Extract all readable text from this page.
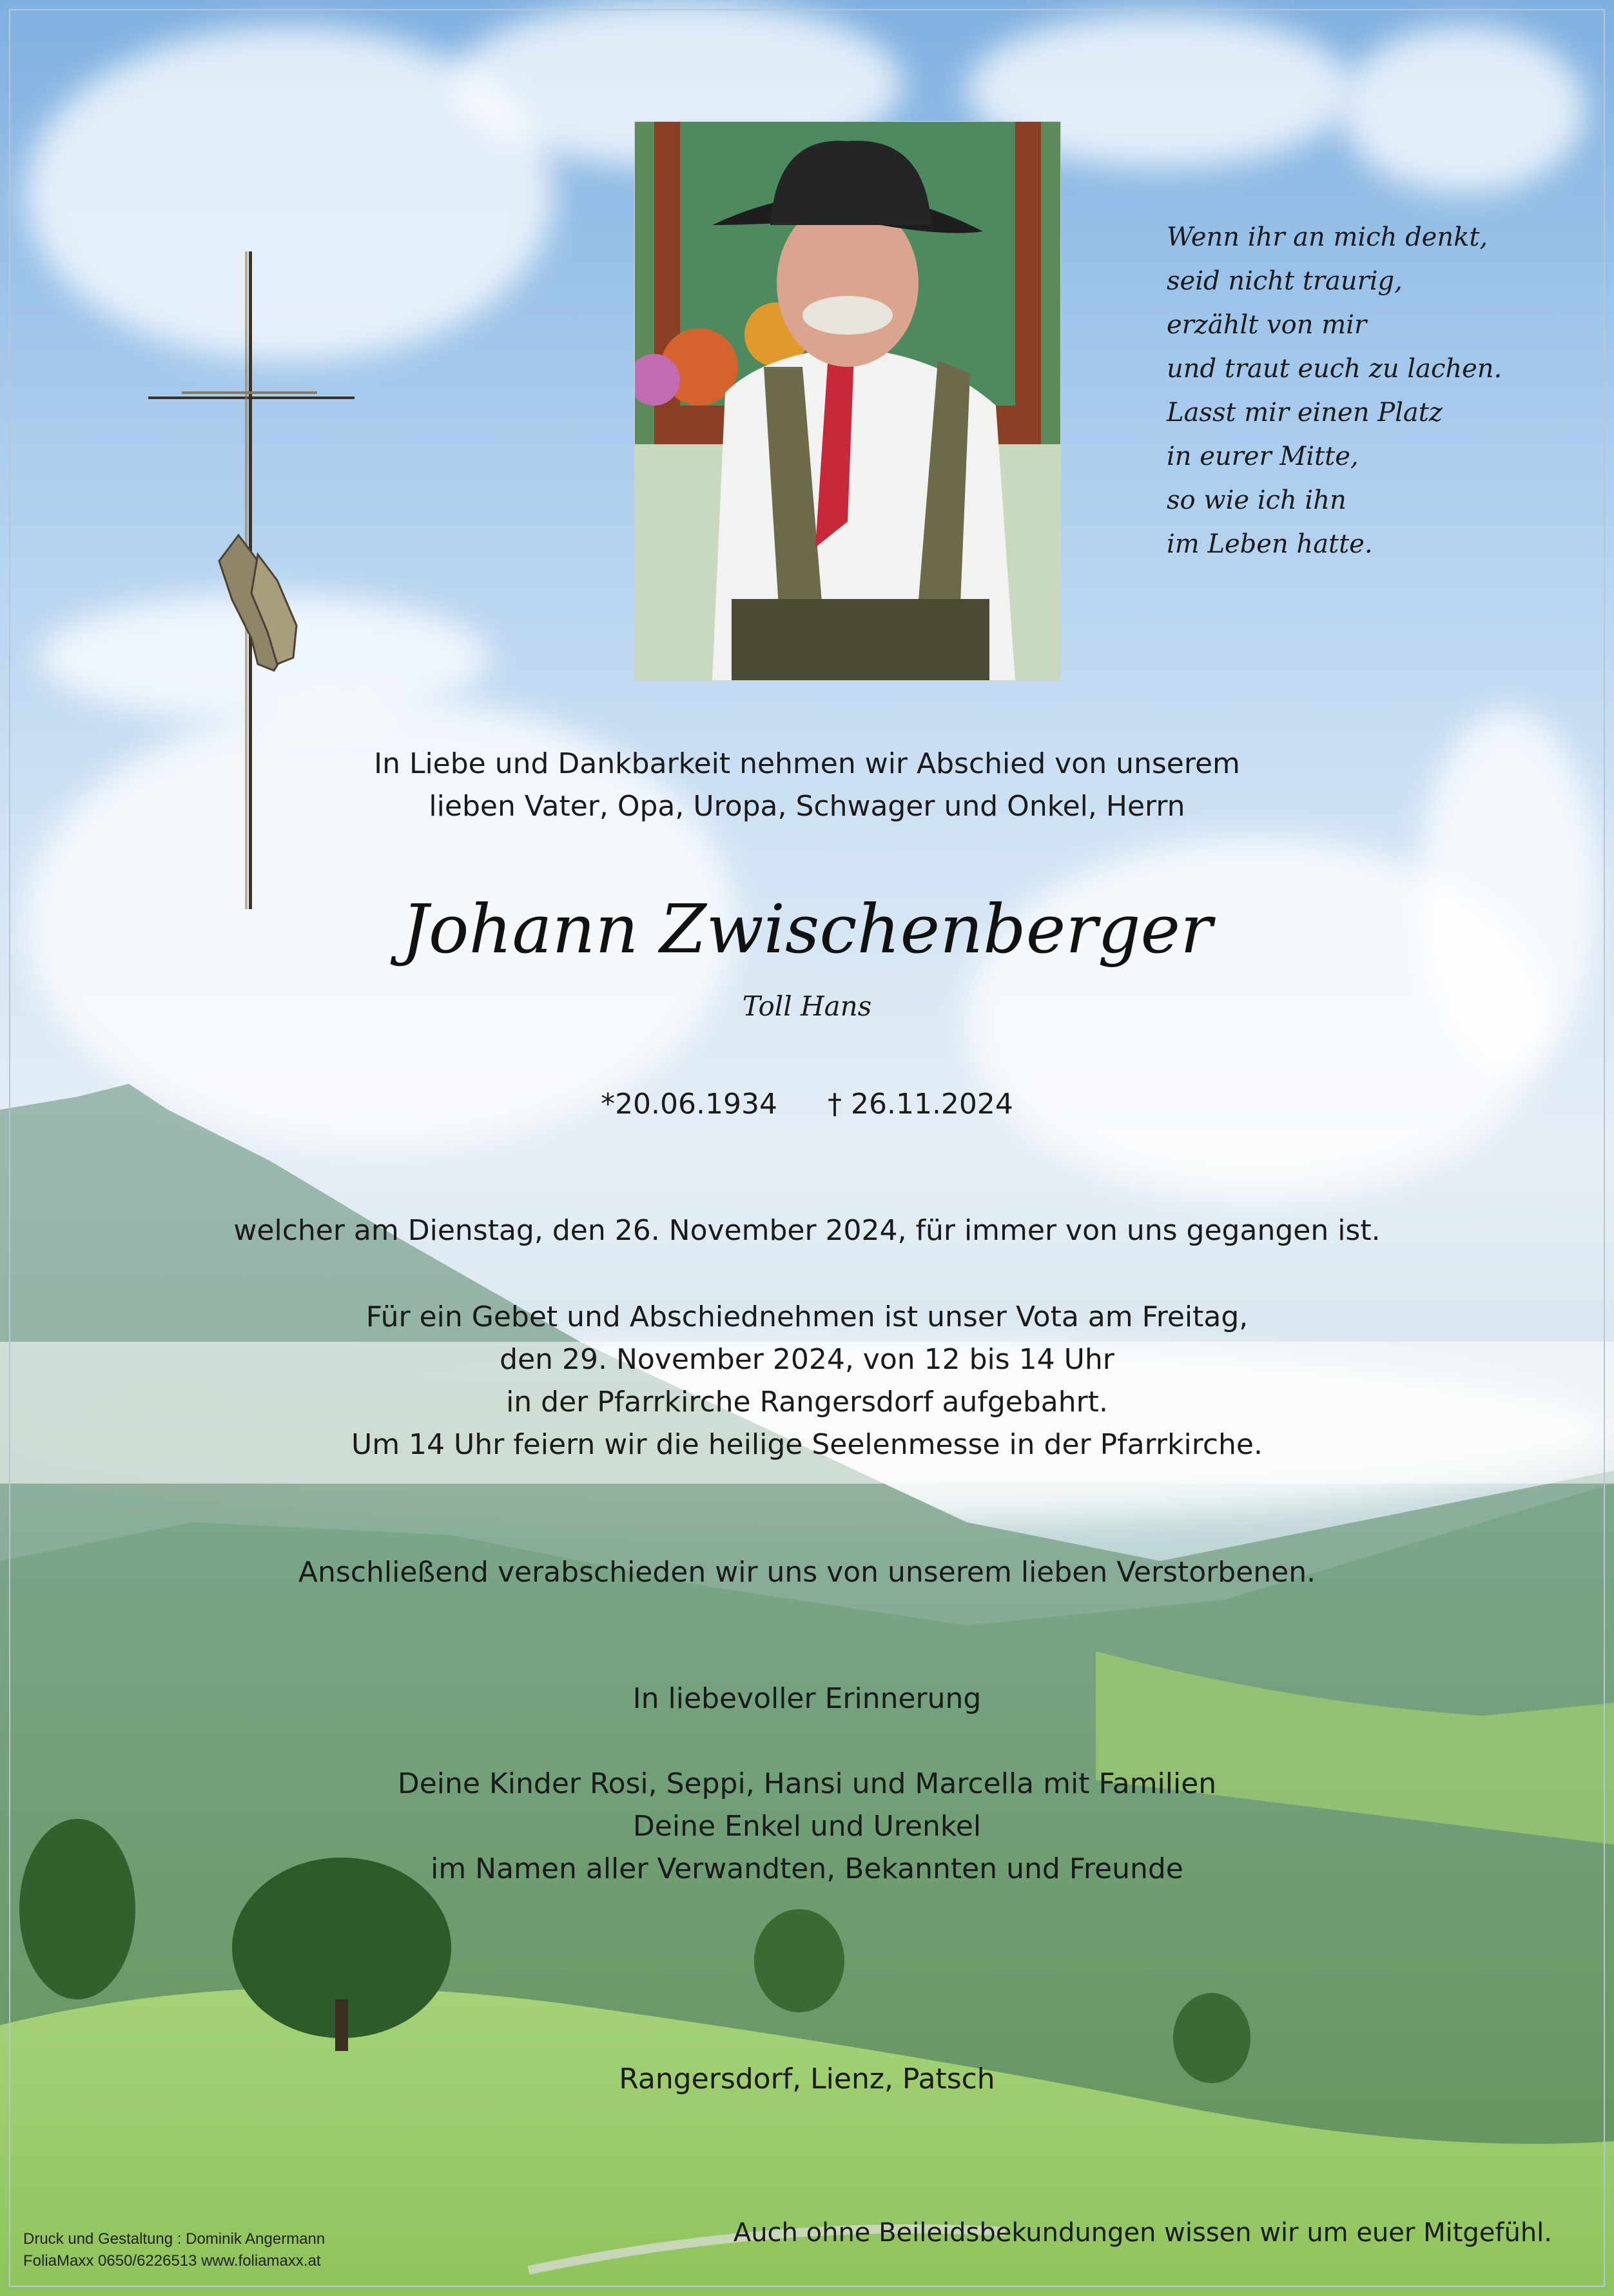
Wenn ihr an mich denkt,
seid nicht traurig,
erzählt von mir
und traut euch zu lachen.
Lasst mir einen Platz
in eurer Mitte,
so wie ich ihn
im Leben hatte.
In Liebe und Dankbarkeit nehmen wir Abschied von unserem
lieben Vater, Opa, Uropa, Schwager und Onkel, Herrn
Johann Zwischenberger
Toll Hans
*20.06.1934 † 26.11.2024
welcher am Dienstag, den 26. November 2024, für immer von uns gegangen ist.
Für ein Gebet und Abschiednehmen ist unser Vota am Freitag,
den 29. November 2024, von 12 bis 14 Uhr
in der Pfarrkirche Rangersdorf aufgebahrt.
Um 14 Uhr feiern wir die heilige Seelenmesse in der Pfarrkirche.
Anschließend verabschieden wir uns von unserem lieben Verstorbenen.
In liebevoller Erinnerung
Deine Kinder Rosi, Seppi, Hansi und Marcella mit Familien
Deine Enkel und Urenkel
im Namen aller Verwandten, Bekannten und Freunde
Rangersdorf, Lienz, Patsch
Druck und Gestaltung : Dominik Angermann
FoliaMaxx 0650/6226513 www.foliamaxx.at
Auch ohne Beileidsbekundungen wissen wir um euer Mitgefühl.
